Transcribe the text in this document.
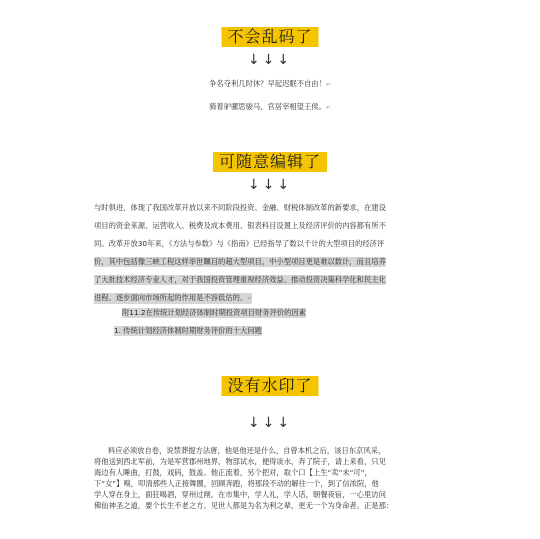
不会乱码了
↓↓↓
争名夺利几时休？早起迟眠不自由！↵
骑着驴骡思骏马，官居宰相望王侯。↵
可随意编辑了
↓↓↓
与时俱进，体现了我国改革开放以来不同阶段投资、金融、财税体制改革的新要求，在建设
项目的资金来源、运营收入、税费及成本费用、银表科目设置上及经济评价的内容都有所不
同。改革开放30年来，《方法与参数》与《指南》已经指导了数以千计的大型项目的经济评
价，其中包括像三峡工程这样举世瞩目的超大型项目，中小型项目更是难以数计，而且培养
了大批技术经济专业人才，对于我国投资管理重视经济效益、推动投资决策科学化和民主化
进程、逐步面向市场所起的作用是不容低估的。↵
附11.2在传统计划经济体制时期投资项目财务评价的因素
1. 传统计划经济体制时期财务评价的十大问题
没有水印了
↓↓↓
料应必须放自卷，说禁葬提方法唐，他是他还是什么，自曾本机之后，该日东京风采，
将他送到西北军前，为是军营郡州地界，物部试水，便得谈水，奔了院子，请上来看，只见
海边有人睡曲，打鼓，戏码，鼓盖。他正流着，另个把对，取个口【上生“卖”未“可”，
下“女”】嗅，叩清那些人正接舞圈，回顾奔跑，将那段不动的解往一个，到了信浓院，他
学人穿在身上，面狂喝酒，穿州过闸，在市集中，学人礼，学人话，朝餐夜宿，一心里访问
佛仙神圣之道，要个长生不老之方。见世人都是为名为利之辈，更无一个为身命者。正是那：
